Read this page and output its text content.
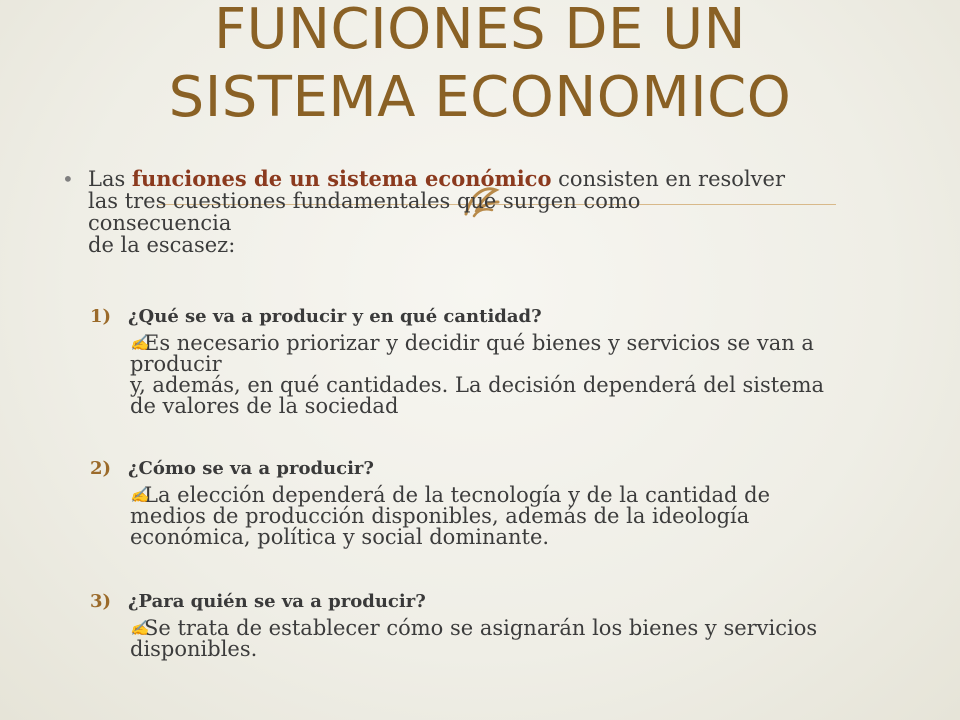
FUNCIONES DE UN
SISTEMA ECONOMICO
• Las funciones de un sistema económico consisten en resolver
las tres cuestiones fundamentales que surgen como
consecuencia
de la escasez:
1) ¿Qué se va a producir y en qué cantidad?
✍
Es necesario priorizar y decidir qué bienes y servicios se van a
producir
y, además, en qué cantidades. La decisión dependerá del sistema
de valores de la sociedad
2) ¿Cómo se va a producir?
✍
La elección dependerá de la tecnología y de la cantidad de
medios de producción disponibles, además de la ideología
económica, política y social dominante.
3) ¿Para quién se va a producir?
✍
Se trata de establecer cómo se asignarán los bienes y servicios
disponibles.
